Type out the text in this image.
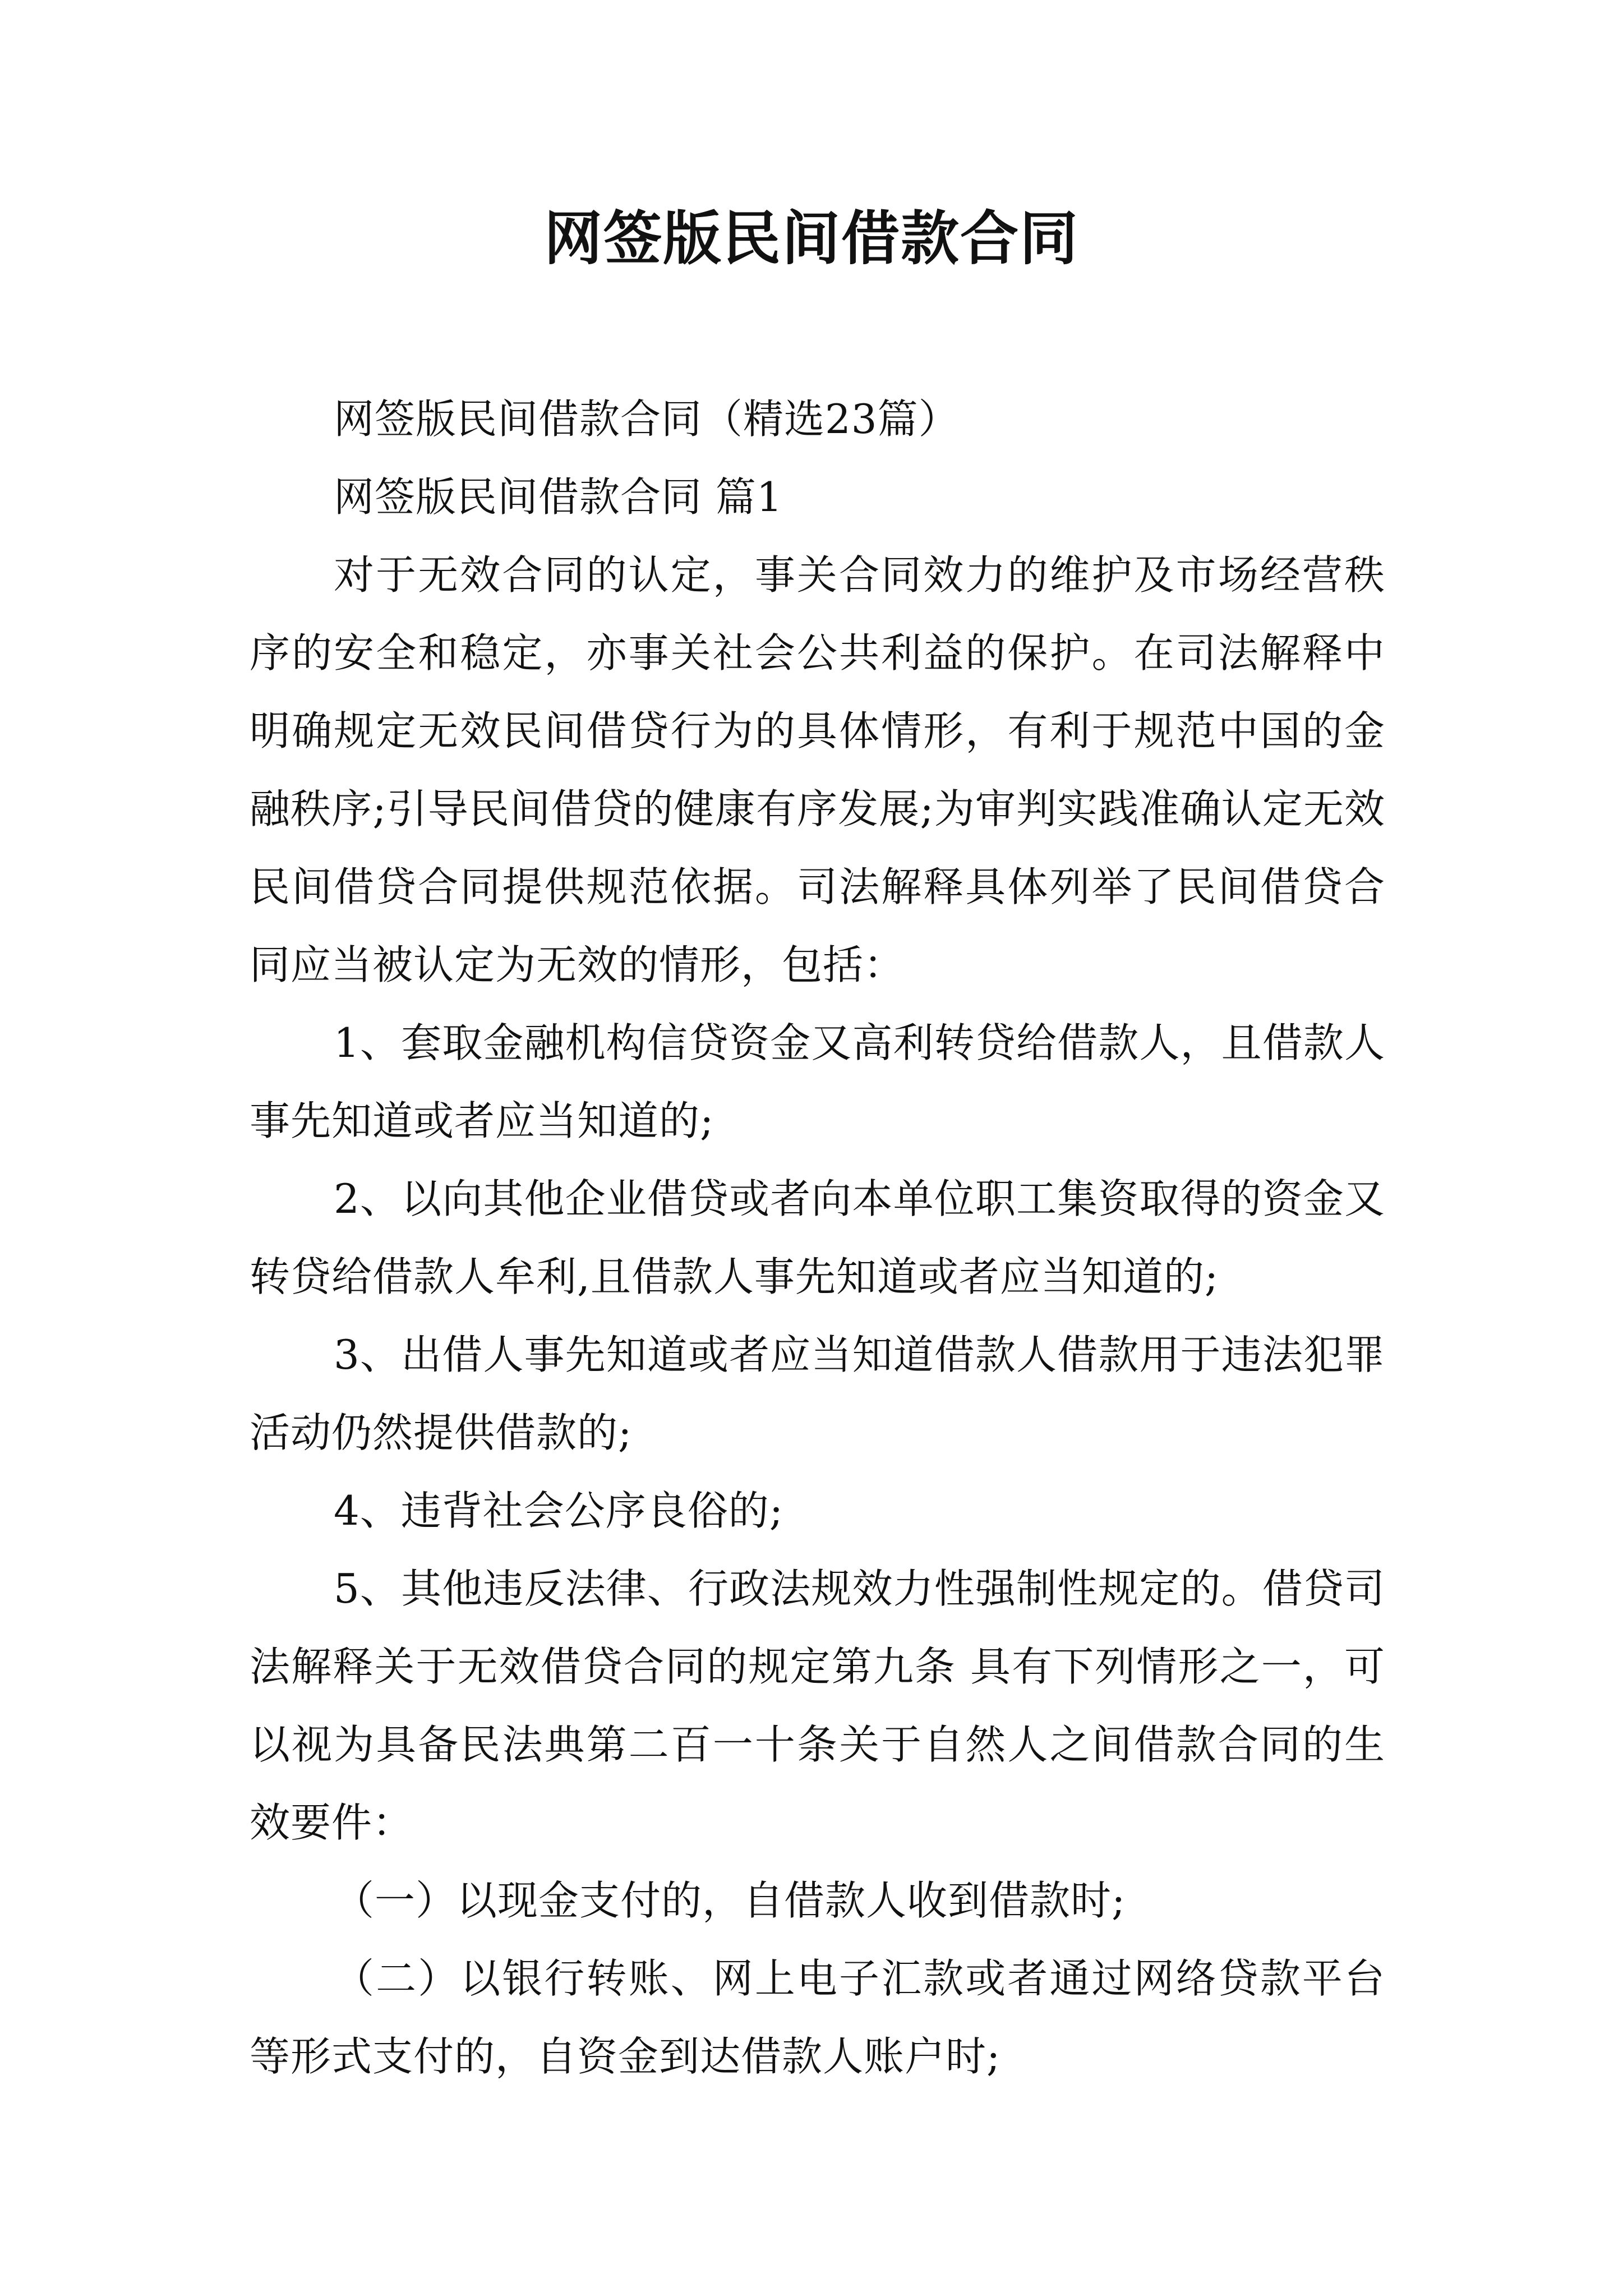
网签版民间借款合同

网签版民间借款合同（精选23篇）

网签版民间借款合同 篇1

对于无效合同的认定，事关合同效力的维护及市场经营秩序的安全和稳定，亦事关社会公共利益的保护。在司法解释中明确规定无效民间借贷行为的具体情形，有利于规范中国的金融秩序;引导民间借贷的健康有序发展;为审判实践准确认定无效民间借贷合同提供规范依据。司法解释具体列举了民间借贷合同应当被认定为无效的情形，包括：

1、套取金融机构信贷资金又高利转贷给借款人，且借款人事先知道或者应当知道的;

2、以向其他企业借贷或者向本单位职工集资取得的资金又转贷给借款人牟利,且借款人事先知道或者应当知道的;

3、出借人事先知道或者应当知道借款人借款用于违法犯罪活动仍然提供借款的;

4、违背社会公序良俗的;

5、其他违反法律、行政法规效力性强制性规定的。借贷司法解释关于无效借贷合同的规定第九条 具有下列情形之一，可以视为具备民法典第二百一十条关于自然人之间借款合同的生效要件：

（一）以现金支付的，自借款人收到借款时;

（二）以银行转账、网上电子汇款或者通过网络贷款平台等形式支付的，自资金到达借款人账户时;
